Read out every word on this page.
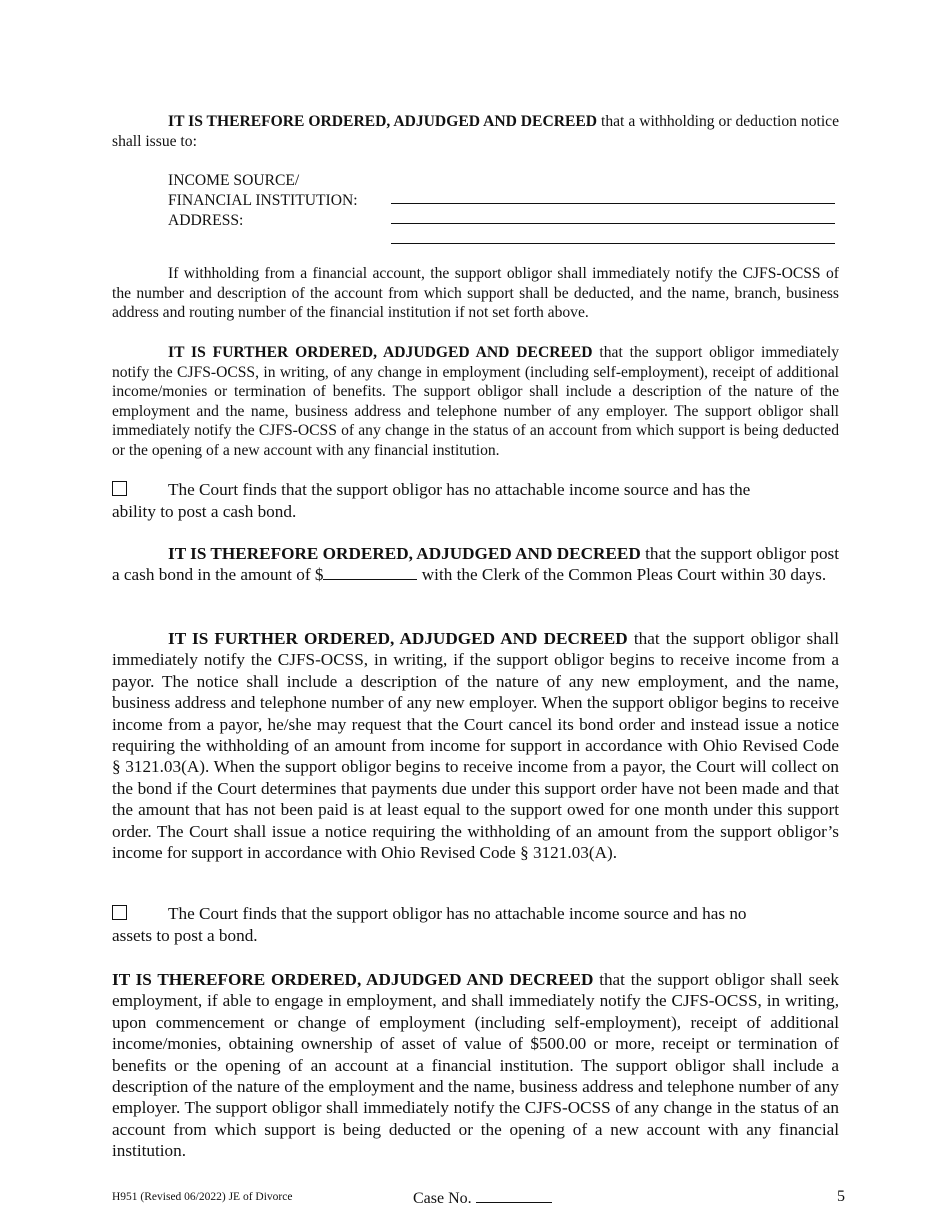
IT IS THEREFORE ORDERED, ADJUDGED AND DECREED that a withholding or deduction notice shall issue to:

INCOME SOURCE/
FINANCIAL INSTITUTION:
ADDRESS:

If withholding from a financial account, the support obligor shall immediately notify the CJFS-OCSS of the number and description of the account from which support shall be deducted, and the name, branch, business address and routing number of the financial institution if not set forth above.

IT IS FURTHER ORDERED, ADJUDGED AND DECREED that the support obligor immediately notify the CJFS-OCSS, in writing, of any change in employment (including self-employment), receipt of additional income/monies or termination of benefits. The support obligor shall include a description of the nature of the employment and the name, business address and telephone number of any employer. The support obligor shall immediately notify the CJFS-OCSS of any change in the status of an account from which support is being deducted or the opening of a new account with any financial institution.

The Court finds that the support obligor has no attachable income source and has the
ability to post a cash bond.

IT IS THEREFORE ORDERED, ADJUDGED AND DECREED that the support obligor post a cash bond in the amount of $	with the Clerk of the Common Pleas Court within 30 days.

IT IS FURTHER ORDERED, ADJUDGED AND DECREED that the support obligor shall immediately notify the CJFS-OCSS, in writing, if the support obligor begins to receive income from a payor. The notice shall include a description of the nature of any new employment, and the name, business address and telephone number of any new employer. When the support obligor begins to receive income from a payor, he/she may request that the Court cancel its bond order and instead issue a notice requiring the withholding of an amount from income for support in accordance with Ohio Revised Code § 3121.03(A). When the support obligor begins to receive income from a payor, the Court will collect on the bond if the Court determines that payments due under this support order have not been made and that the amount that has not been paid is at least equal to the support owed for one month under this support order. The Court shall issue a notice requiring the withholding of an amount from the support obligor’s income for support in accordance with Ohio Revised Code § 3121.03(A).

The Court finds that the support obligor has no attachable income source and has no
assets to post a bond.

IT IS THEREFORE ORDERED, ADJUDGED AND DECREED that the support obligor shall seek employment, if able to engage in employment, and shall immediately notify the CJFS-OCSS, in writing, upon commencement or change of employment (including self-employment), receipt of additional income/monies, obtaining ownership of asset of value of $500.00 or more, receipt or termination of benefits or the opening of an account at a financial institution. The support obligor shall include a description of the nature of the employment and the name, business address and telephone number of any employer. The support obligor shall immediately notify the CJFS-OCSS of any change in the status of an account from which support is being deducted or the opening of a new account with any financial institution.

H951 (Revised 06/2022) JE of Divorce	Case No.	5
